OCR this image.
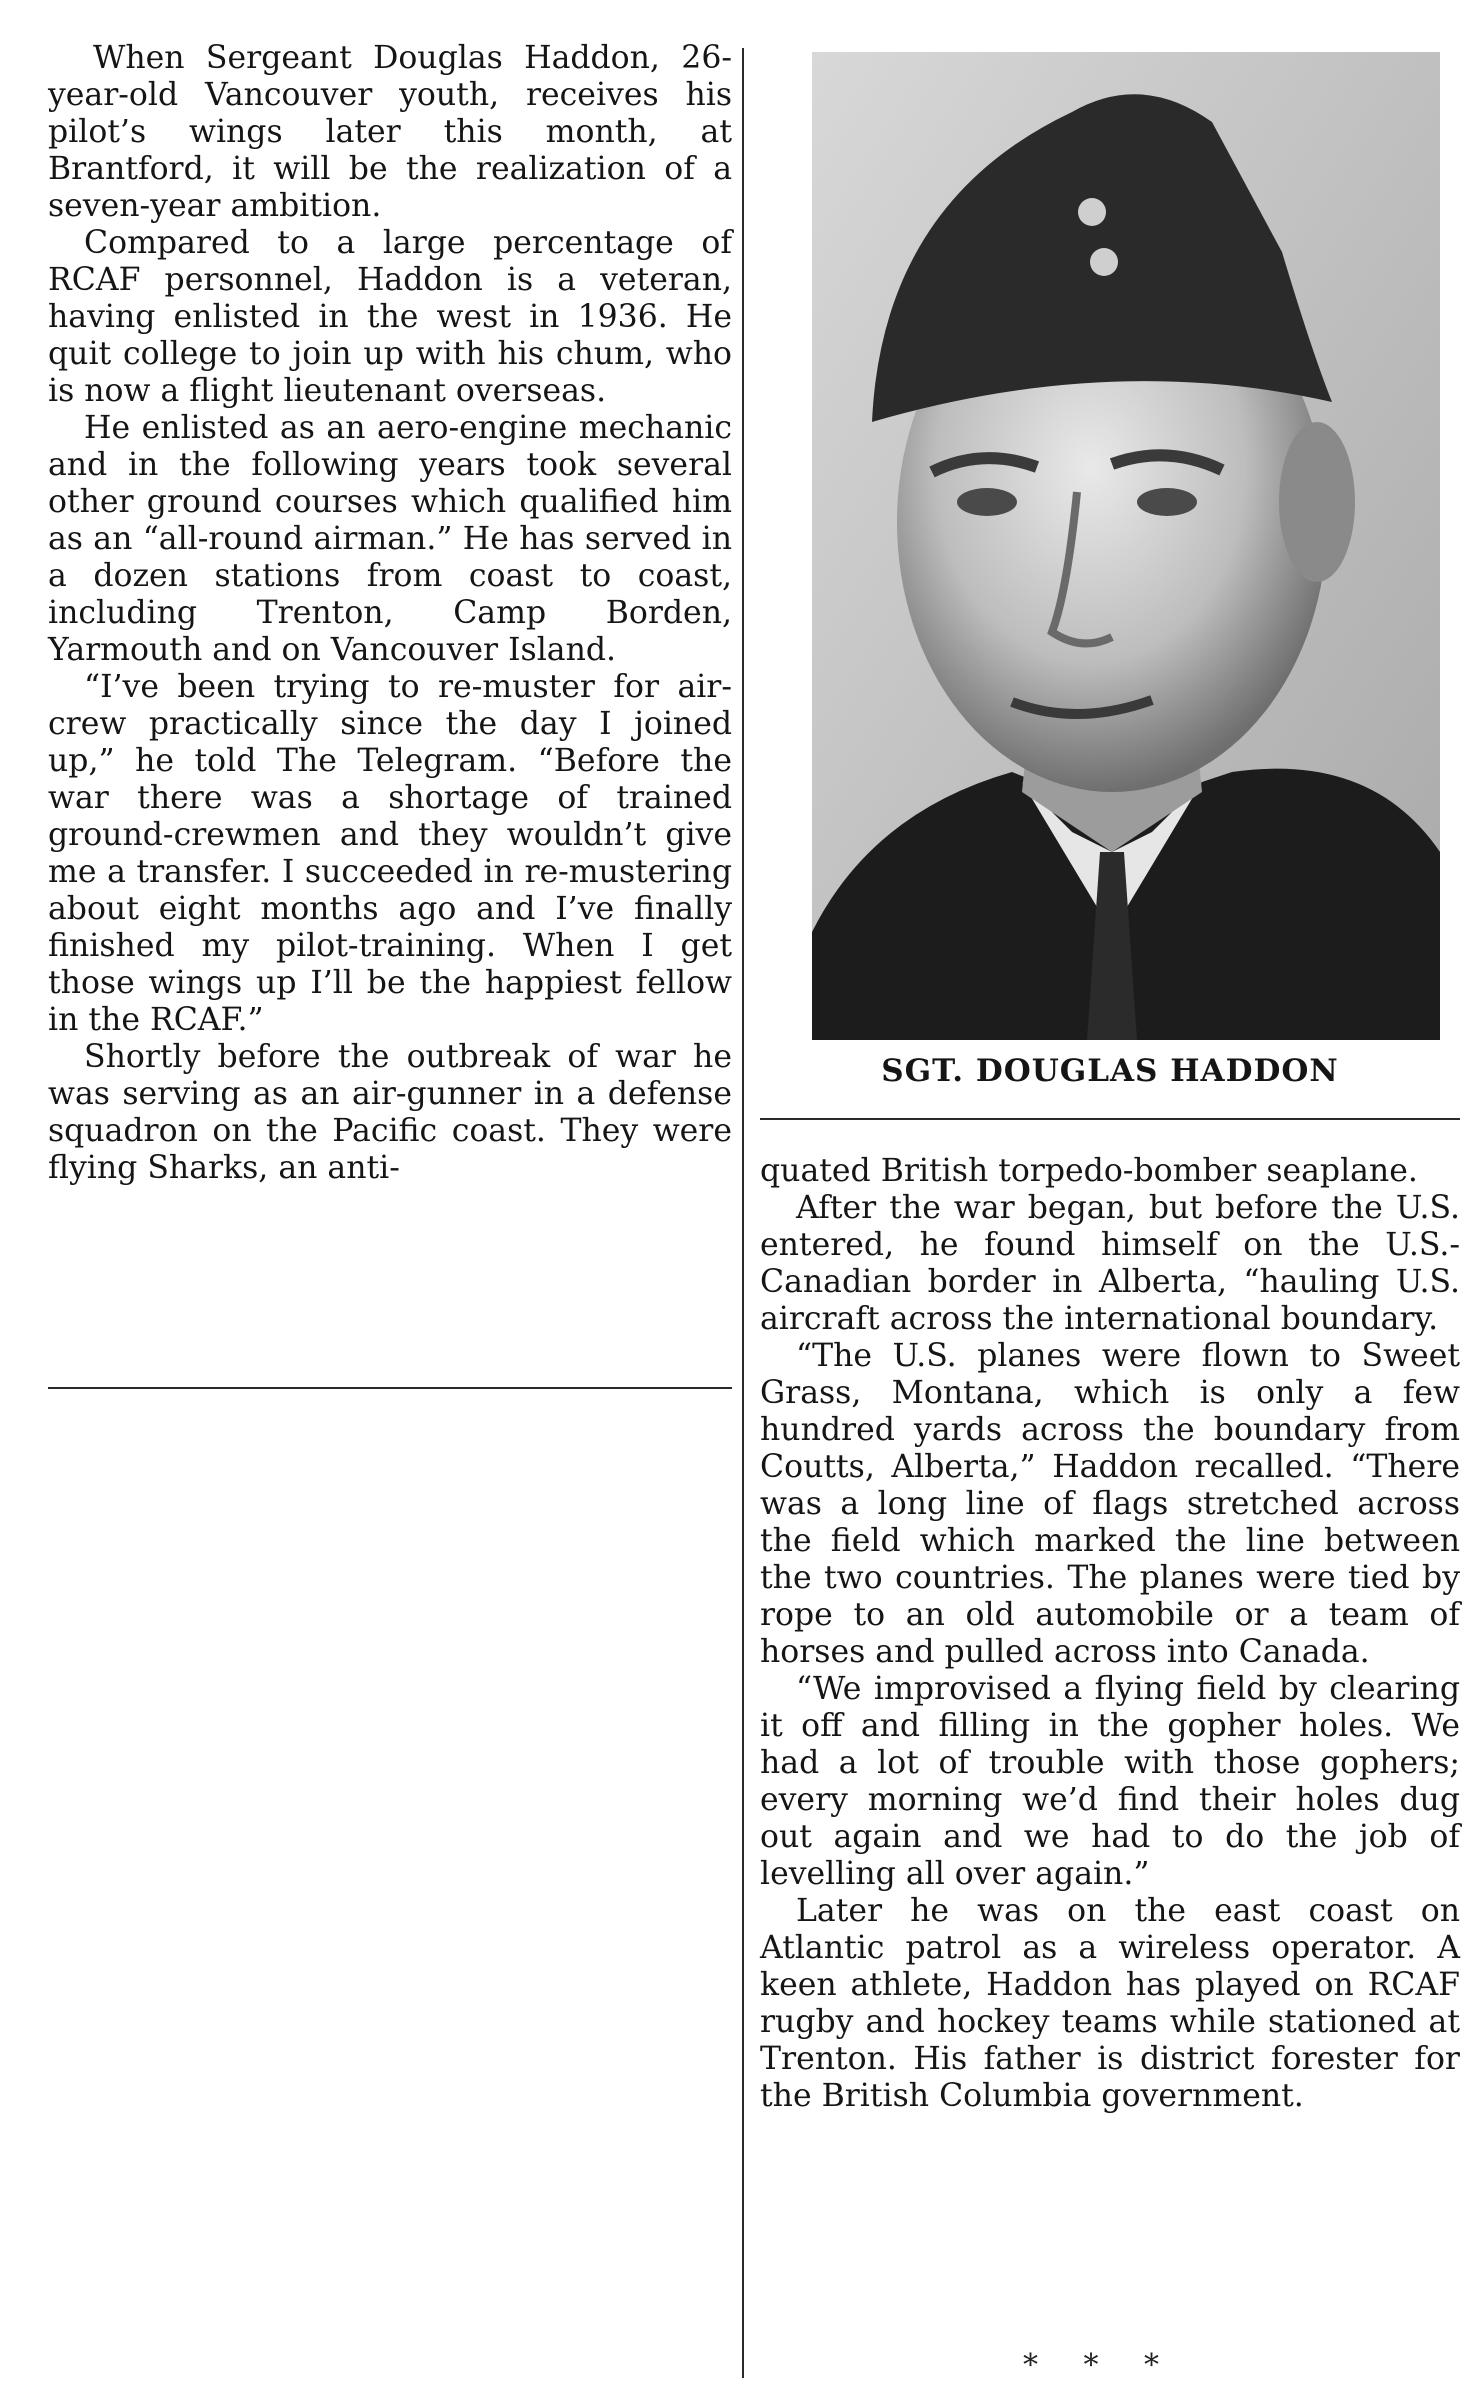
When Sergeant Douglas Haddon, 26-year-old Vancouver youth, receives his pilot’s wings later this month, at Brantford, it will be the realization of a seven-year ambition.

Compared to a large percentage of RCAF personnel, Haddon is a veteran, having enlisted in the west in 1936. He quit college to join up with his chum, who is now a flight lieutenant overseas.

He enlisted as an aero-engine mechanic and in the following years took several other ground courses which qualified him as an “all-round airman.” He has served in a dozen stations from coast to coast, including Trenton, Camp Borden, Yarmouth and on Vancouver Island.

“I’ve been trying to re-muster for air-crew practically since the day I joined up,” he told The Telegram. “Before the war there was a shortage of trained ground-crewmen and they wouldn’t give me a transfer. I succeeded in re-mustering about eight months ago and I’ve finally finished my pilot-training. When I get those wings up I’ll be the happiest fellow in the RCAF.”

Shortly before the outbreak of war he was serving as an air-gunner in a defense squadron on the Pacific coast. They were flying Sharks, an anti-

SGT. DOUGLAS HADDON

quated British torpedo-bomber seaplane.

After the war began, but before the U.S. entered, he found himself on the U.S.-Canadian border in Alberta, “hauling U.S. aircraft across the international boundary.

“The U.S. planes were flown to Sweet Grass, Montana, which is only a few hundred yards across the boundary from Coutts, Alberta,” Haddon recalled. “There was a long line of flags stretched across the field which marked the line between the two countries. The planes were tied by rope to an old automobile or a team of horses and pulled across into Canada.

“We improvised a flying field by clearing it off and filling in the gopher holes. We had a lot of trouble with those gophers; every morning we’d find their holes dug out again and we had to do the job of levelling all over again.”

Later he was on the east coast on Atlantic patrol as a wireless operator. A keen athlete, Haddon has played on RCAF rugby and hockey teams while stationed at Trenton. His father is district forester for the British Columbia government.

* * *
